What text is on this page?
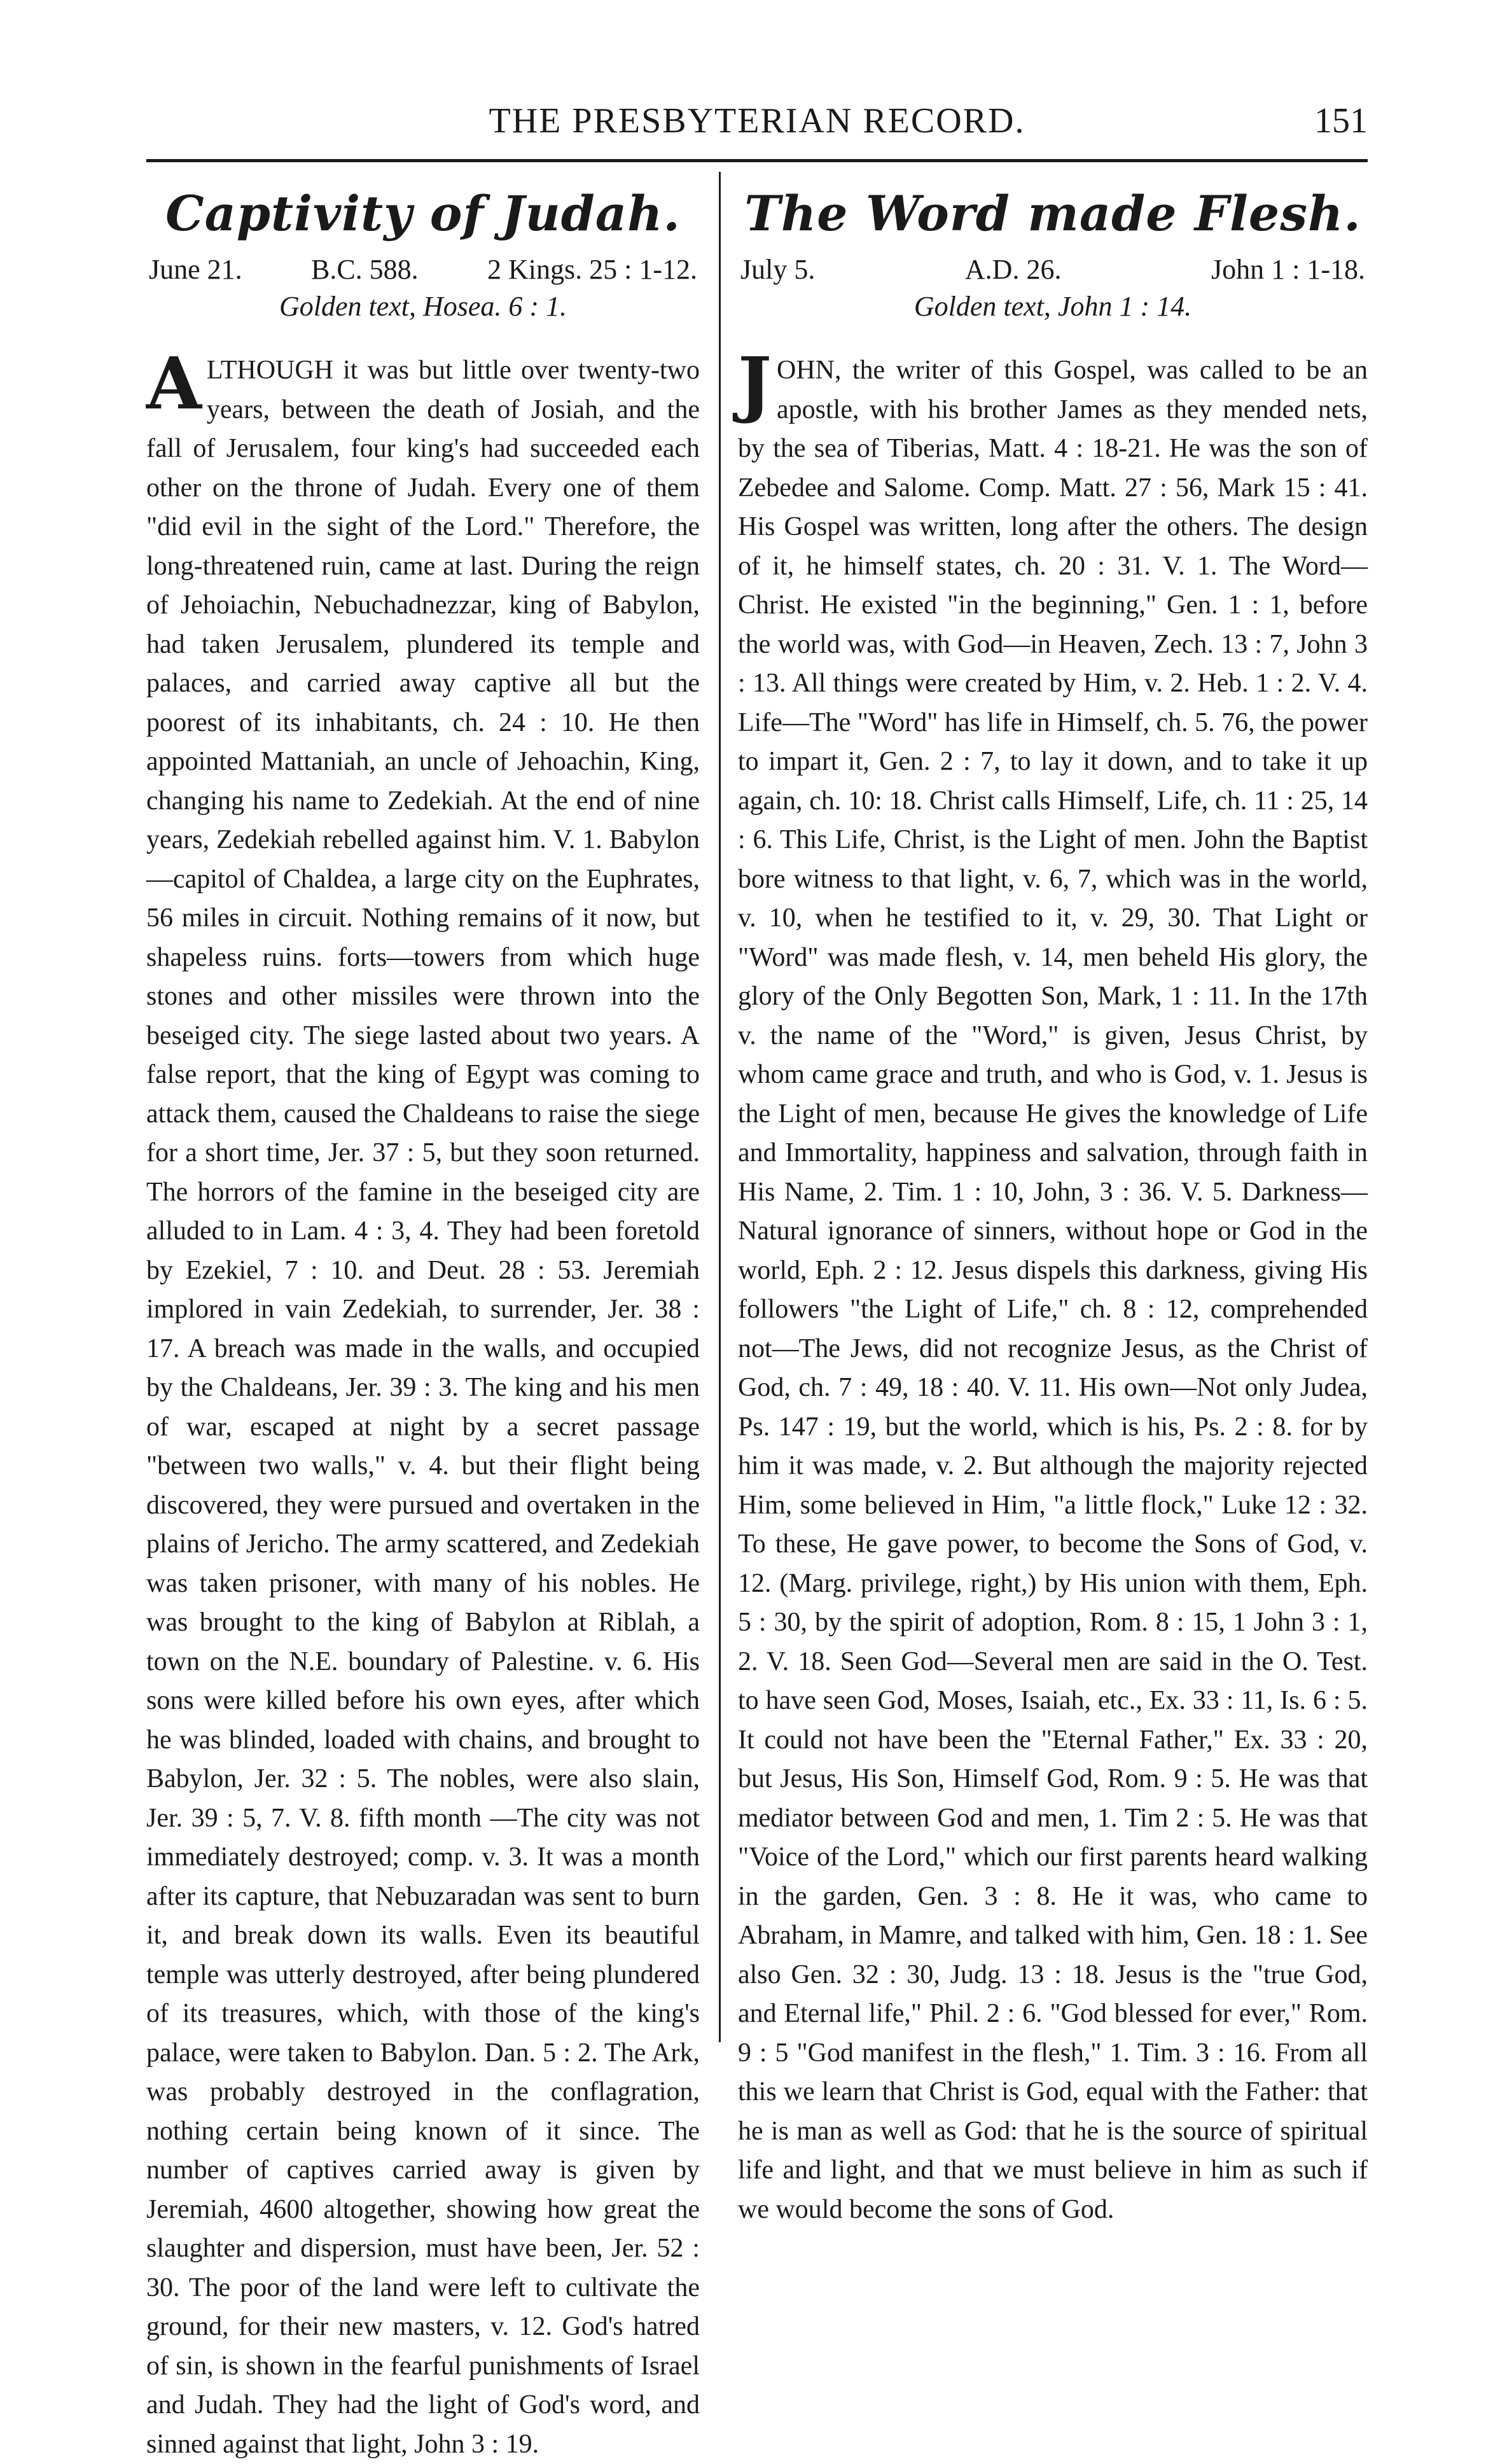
THE PRESBYTERIAN RECORD.	151
Captivity of Judah.
June 21. B.C. 588. 2 Kings. 25 : 1-12.
Golden text, Hosea. 6 : 1.

ALTHOUGH it was but little over twenty-two years, between the death of Josiah, and the fall of Jerusalem, four king's had succeeded each other on the throne of Judah. Every one of them "did evil in the sight of the Lord." Therefore, the long-threatened ruin, came at last. During the reign of Jehoiachin, Nebuchadnezzar, king of Babylon, had taken Jerusalem, plundered its temple and palaces, and carried away captive all but the poorest of its inhabitants, ch. 24 : 10. He then appointed Mattaniah, an uncle of Jehoachin, King, changing his name to Zedekiah. At the end of nine years, Zedekiah rebelled against him. V. 1. Babylon—capitol of Chaldea, a large city on the Euphrates, 56 miles in circuit. Nothing remains of it now, but shapeless ruins. forts—towers from which huge stones and other missiles were thrown into the beseiged city. The siege lasted about two years. A false report, that the king of Egypt was coming to attack them, caused the Chaldeans to raise the siege for a short time, Jer. 37 : 5, but they soon returned. The horrors of the famine in the beseiged city are alluded to in Lam. 4 : 3, 4. They had been foretold by Ezekiel, 7 : 10. and Deut. 28 : 53. Jeremiah implored in vain Zedekiah, to surrender, Jer. 38 : 17. A breach was made in the walls, and occupied by the Chaldeans, Jer. 39 : 3. The king and his men of war, escaped at night by a secret passage "between two walls," v. 4. but their flight being discovered, they were pursued and overtaken in the plains of Jericho. The army scattered, and Zedekiah was taken prisoner, with many of his nobles. He was brought to the king of Babylon at Riblah, a town on the N.E. boundary of Palestine. v. 6. His sons were killed before his own eyes, after which he was blinded, loaded with chains, and brought to Babylon, Jer. 32 : 5. The nobles, were also slain, Jer. 39 : 5, 7. V. 8. fifth month —The city was not immediately destroyed; comp. v. 3. It was a month after its capture, that Nebuzaradan was sent to burn it, and break down its walls. Even its beautiful temple was utterly destroyed, after being plundered of its treasures, which, with those of the king's palace, were taken to Babylon. Dan. 5 : 2. The Ark, was probably destroyed in the conflagration, nothing certain being known of it since. The number of captives carried away is given by Jeremiah, 4600 altogether, showing how great the slaughter and dispersion, must have been, Jer. 52 : 30. The poor of the land were left to cultivate the ground, for their new masters, v. 12. God's hatred of sin, is shown in the fearful punishments of Israel and Judah. They had the light of God's word, and sinned against that light, John 3 : 19.

The Word made Flesh.
July 5.	A.D. 26.	John 1 : 1-18.
Golden text, John 1 : 14.

JOHN, the writer of this Gospel, was called to be an apostle, with his brother James as they mended nets, by the sea of Tiberias, Matt. 4 : 18-21. He was the son of Zebedee and Salome. Comp. Matt. 27 : 56, Mark 15 : 41. His Gospel was written, long after the others. The design of it, he himself states, ch. 20 : 31. V. 1. The Word—Christ. He existed "in the beginning," Gen. 1 : 1, before the world was, with God—in Heaven, Zech. 13 : 7, John 3 : 13. All things were created by Him, v. 2. Heb. 1 : 2. V. 4. Life—The "Word" has life in Himself, ch. 5. 76, the power to impart it, Gen. 2 : 7, to lay it down, and to take it up again, ch. 10: 18. Christ calls Himself, Life, ch. 11 : 25, 14 : 6. This Life, Christ, is the Light of men. John the Baptist bore witness to that light, v. 6, 7, which was in the world, v. 10, when he testified to it, v. 29, 30. That Light or "Word" was made flesh, v. 14, men beheld His glory, the glory of the Only Begotten Son, Mark, 1 : 11. In the 17th v. the name of the "Word," is given, Jesus Christ, by whom came grace and truth, and who is God, v. 1. Jesus is the Light of men, because He gives the knowledge of Life and Immortality, happiness and salvation, through faith in His Name, 2. Tim. 1 : 10, John, 3 : 36. V. 5. Darkness—Natural ignorance of sinners, without hope or God in the world, Eph. 2 : 12. Jesus dispels this darkness, giving His followers "the Light of Life," ch. 8 : 12, comprehended not—The Jews, did not recognize Jesus, as the Christ of God, ch. 7 : 49, 18 : 40. V. 11. His own—Not only Judea, Ps. 147 : 19, but the world, which is his, Ps. 2 : 8. for by him it was made, v. 2. But although the majority rejected Him, some believed in Him, "a little flock," Luke 12 : 32. To these, He gave power, to become the Sons of God, v. 12. (Marg. privilege, right,) by His union with them, Eph. 5 : 30, by the spirit of adoption, Rom. 8 : 15, 1 John 3 : 1, 2. V. 18. Seen God—Several men are said in the O. Test. to have seen God, Moses, Isaiah, etc., Ex. 33 : 11, Is. 6 : 5. It could not have been the "Eternal Father," Ex. 33 : 20, but Jesus, His Son, Himself God, Rom. 9 : 5. He was that mediator between God and men, 1. Tim 2 : 5. He was that "Voice of the Lord," which our first parents heard walking in the garden, Gen. 3 : 8. He it was, who came to Abraham, in Mamre, and talked with him, Gen. 18 : 1. See also Gen. 32 : 30, Judg. 13 : 18. Jesus is the "true God, and Eternal life," Phil. 2 : 6. "God blessed for ever," Rom. 9 : 5 "God manifest in the flesh," 1. Tim. 3 : 16. From all this we learn that Christ is God, equal with the Father: that he is man as well as God: that he is the source of spiritual life and light, and that we must believe in him as such if we would become the sons of God.
